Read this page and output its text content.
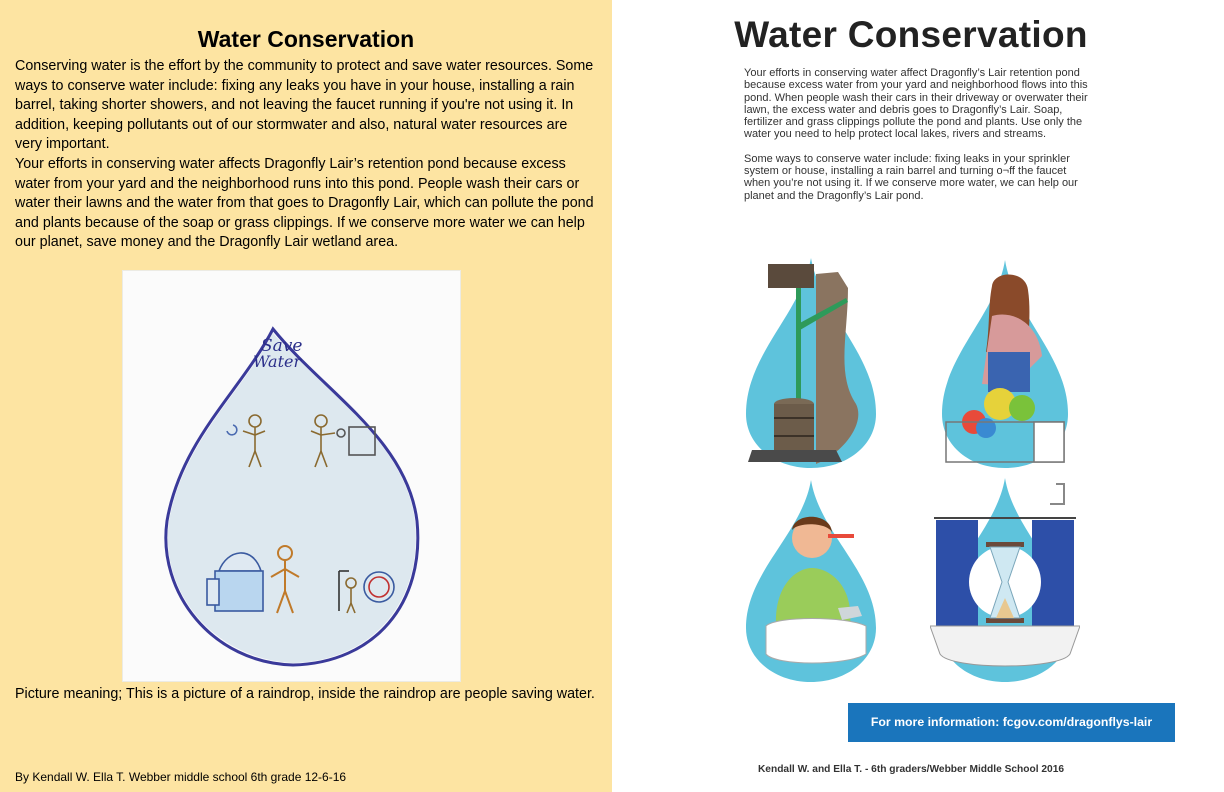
Water Conservation

Conserving water is the effort by the community to protect and save water resources. Some ways to conserve water include: fixing any leaks you have in your house, installing a rain barrel, taking shorter showers, and not leaving the faucet running if you're not using it. In addition, keeping pollutants out of our stormwater and also, natural water resources are very important.

Your efforts in conserving water affects Dragonfly Lair’s retention pond because excess water from your yard and the neighborhood runs into this pond. People wash their cars or water their lawns and the water from that goes to Dragonfly Lair, which can pollute the pond and plants because of the soap or grass clippings. If we conserve more water we can help our planet, save money and the Dragonfly Lair wetland area.

Save
Water
Picture meaning; This is a picture of a raindrop, inside the raindrop are people saving water.
By Kendall W. Ella T. Webber middle school 6th grade 12-6-16
Water Conservation

Your efforts in conserving water affect Dragonfly’s Lair retention pond because excess water from your yard and neighborhood flows into this pond. When people wash their cars in their driveway or overwater their lawn, the excess water and debris goes to Dragonfly’s Lair. Soap, fertilizer and grass clippings pollute the pond and plants. Use only the water you need to help protect local lakes, rivers and streams.

Some ways to conserve water include: fixing leaks in your sprinkler system or house, installing a rain barrel and turning o¬ff the faucet when you’re not using it. If we conserve more water, we can help our planet and the Dragonfly’s Lair pond.

For more information: fcgov.com/dragonflys-lair
Kendall W. and Ella T. - 6th graders/Webber Middle School 2016
